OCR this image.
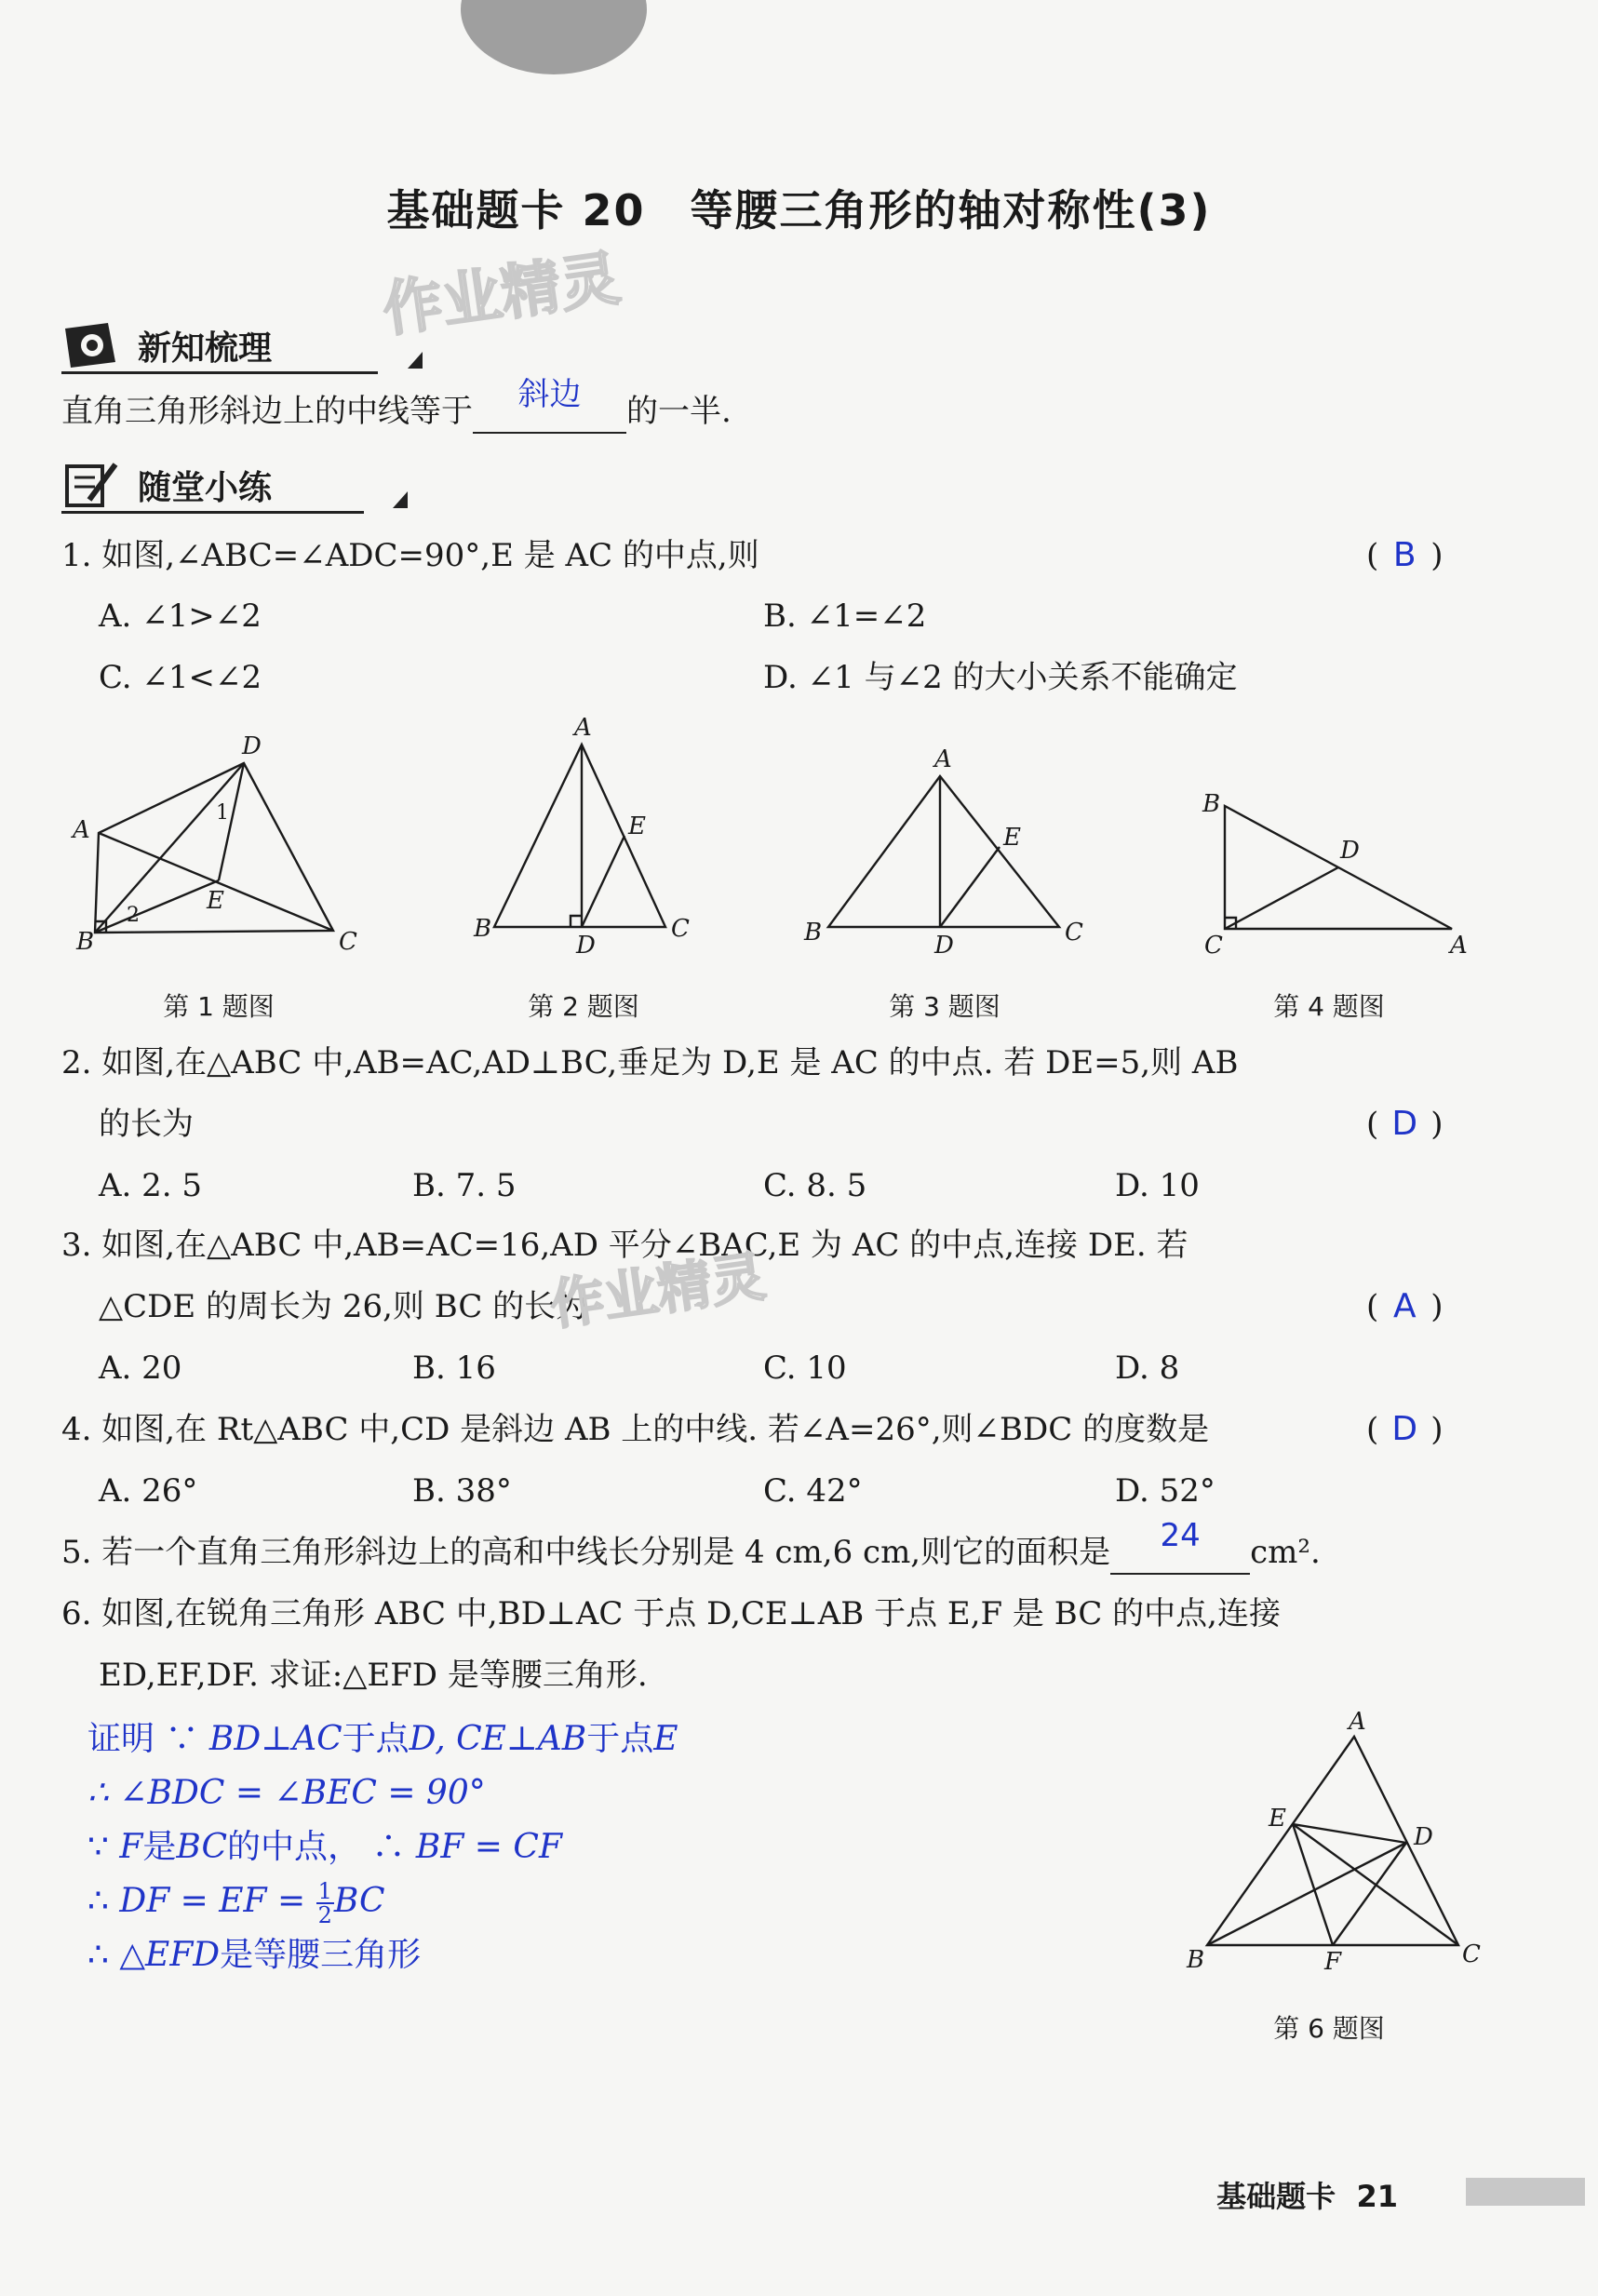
基础题卡 20　等腰三角形的轴对称性(3)
作业精灵
新知梳理
直角三角形斜边上的中线等于	斜边	的一半.
随堂小练
1. 如图,∠ABC=∠ADC=90°,E 是 AC 的中点,则	( B )
A. ∠1>∠2	B. ∠1=∠2
C. ∠1<∠2	D. ∠1 与∠2 的大小关系不能确定
A
D
B	C
E
1
2
第 1 题图
A
B
D
C
E
第 2 题图
A
B	D	C
E
第 3 题图
B
D
C	A
第 4 题图
2. 如图,在△ABC 中,AB=AC,AD⊥BC,垂足为 D,E 是 AC 的中点. 若 DE=5,则 AB
的长为	( D )
A. 2. 5	B. 7. 5	C. 8. 5	D. 10
3. 如图,在△ABC 中,AB=AC=16,AD 平分∠BAC,E 为 AC 的中点,连接 DE. 若
△CDE 的周长为 26,则 BC 的长为
作业精灵	( A )
A. 20	B. 16	C. 10	D. 8
4. 如图,在 Rt△ABC 中,CD 是斜边 AB 上的中线. 若∠A=26°,则∠BDC 的度数是	( D )
A. 26°	B. 38°	C. 42°	D. 52°
5. 若一个直角三角形斜边上的高和中线长分别是 4 cm,6 cm,则它的面积是	24	cm².
6. 如图,在锐角三角形 ABC 中,BD⊥AC 于点 D,CE⊥AB 于点 E,F 是 BC 的中点,连接
ED,EF,DF. 求证:△EFD 是等腰三角形.
证明 ∵ BD⊥AC于点D, CE⊥AB于点E
∴ ∠BDC = ∠BEC = 90°
∵ F是BC的中点， ∴ BF = CF
∴ DF = EF = $\frac{1}{2}$ BC
∴ △EFD是等腰三角形
A
E
D
B	F	C
第 6 题图
基础题卡 21
